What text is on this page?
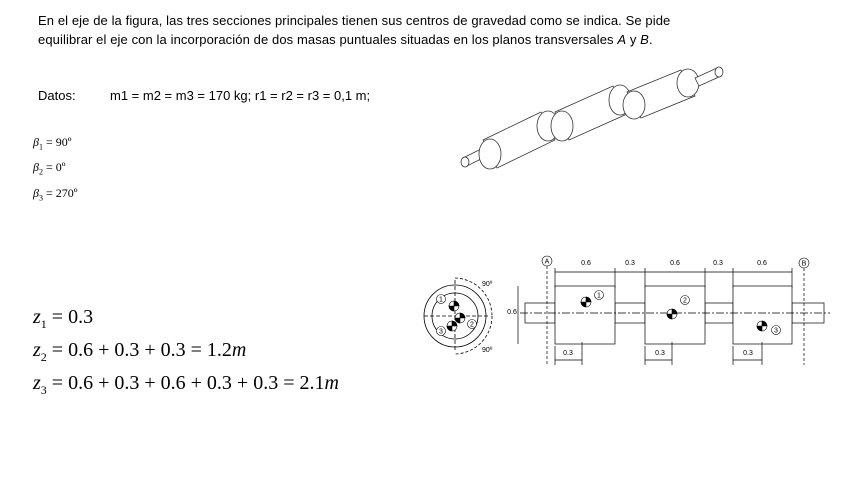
En el eje de la figura, las tres secciones principales tienen sus centros de gravedad como se indica. Se pide equilibrar el eje con la incorporación de dos masas puntuales situadas en los planos transversales A y B.
Datos:	m1 = m2 = m3 = 170 kg; r1 = r2 = r3 = 0,1 m;
$\beta_1$ = 90º
$\beta_2$ = 0º
$\beta_3$ = 270º
$z_1 = 0.3$
$z_2 = 0.6 + 0.3 + 0.3 = 1.2m$
$z_3 = 0.6 + 0.3 + 0.6 + 0.3 + 0.3 = 2.1m$
1
2
3
90º
90º
A	B
0.6	0.3	0.6	0.3	0.6
0.3	0.3	0.3
0.6
1
2
3
